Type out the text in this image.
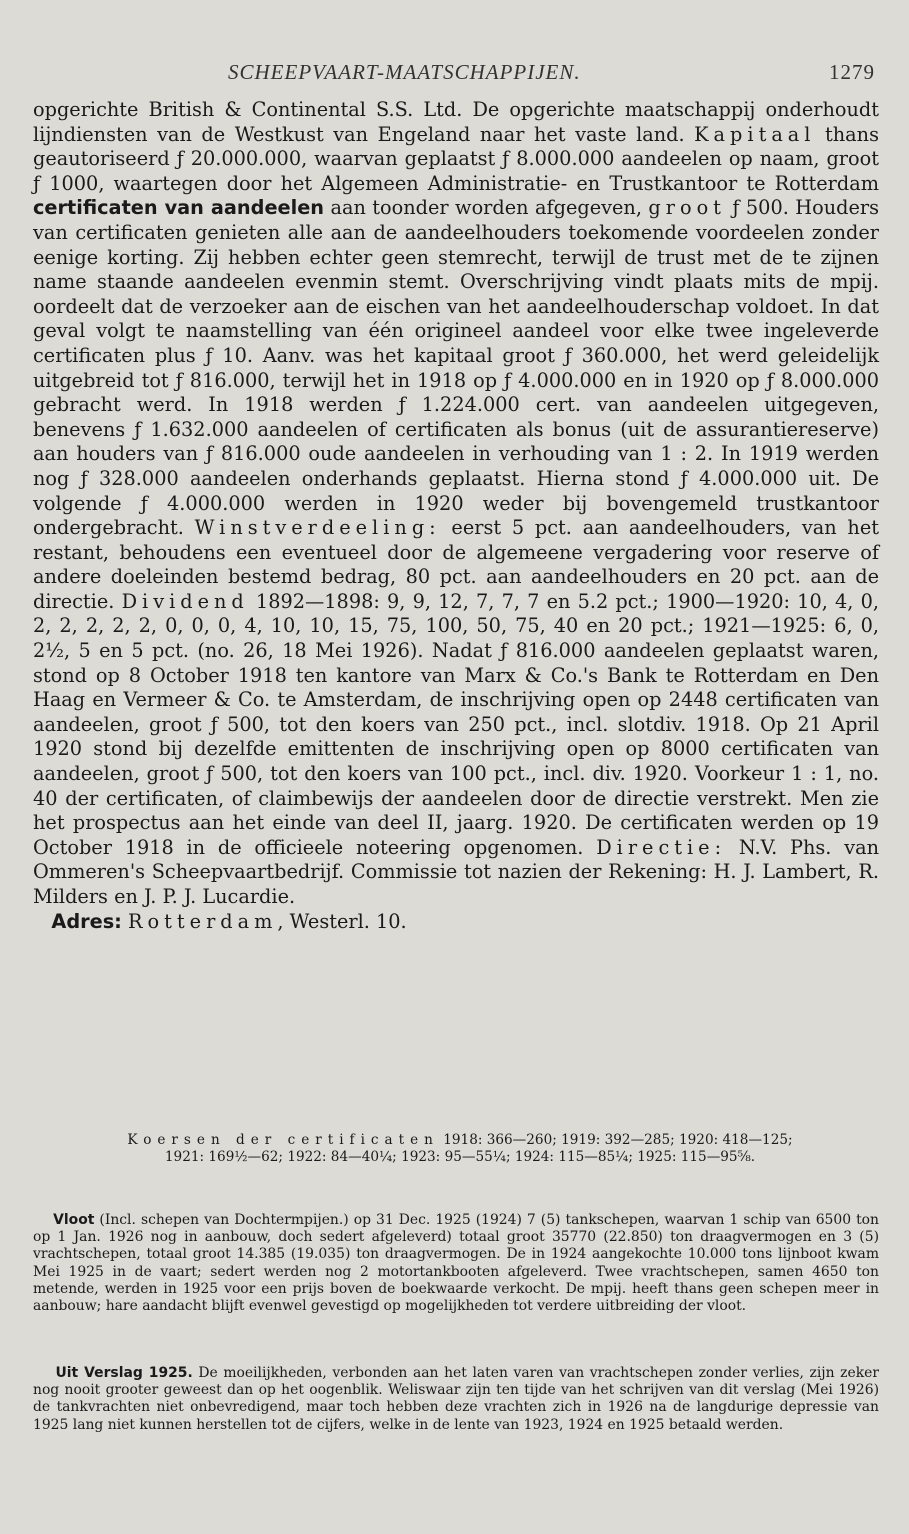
SCHEEPVAART-MAATSCHAPPIJEN.	1279

opgerichte British & Continental S.S. Ltd. De opgerichte maatschappij onderhoudt lijndiensten van de Westkust van Engeland naar het vaste land. Kapitaal thans geautoriseerd ƒ 20.000.000, waarvan geplaatst ƒ 8.000.000 aandeelen op naam, groot ƒ 1000, waartegen door het Algemeen Administratie- en Trustkantoor te Rotterdam certificaten van aandeelen aan toonder worden afgegeven, groot ƒ 500. Houders van certificaten genieten alle aan de aandeelhouders toekomende voordeelen zonder eenige korting. Zij hebben echter geen stemrecht, terwijl de trust met de te zijnen name staande aandeelen evenmin stemt. Overschrijving vindt plaats mits de mpij. oordeelt dat de verzoeker aan de eischen van het aandeelhouderschap voldoet. In dat geval volgt te naamstelling van één origineel aandeel voor elke twee ingeleverde certificaten plus ƒ 10. Aanv. was het kapitaal groot ƒ 360.000, het werd geleidelijk uitgebreid tot ƒ 816.000, terwijl het in 1918 op ƒ 4.000.000 en in 1920 op ƒ 8.000.000 gebracht werd. In 1918 werden ƒ 1.224.000 cert. van aandeelen uitgegeven, benevens ƒ 1.632.000 aandeelen of certificaten als bonus (uit de assurantiereserve) aan houders van ƒ 816.000 oude aandeelen in verhouding van 1 : 2. In 1919 werden nog ƒ 328.000 aandeelen onderhands geplaatst. Hierna stond ƒ 4.000.000 uit. De volgende ƒ 4.000.000 werden in 1920 weder bij bovengemeld trustkantoor ondergebracht. Winstverdeeling: eerst 5 pct. aan aandeelhouders, van het restant, behoudens een eventueel door de algemeene vergadering voor reserve of andere doeleinden bestemd bedrag, 80 pct. aan aandeelhouders en 20 pct. aan de directie. Dividend 1892—1898: 9, 9, 12, 7, 7, 7 en 5.2 pct.; 1900—1920: 10, 4, 0, 2, 2, 2, 2, 2, 0, 0, 0, 4, 10, 10, 15, 75, 100, 50, 75, 40 en 20 pct.; 1921—1925: 6, 0, 2½, 5 en 5 pct. (no. 26, 18 Mei 1926). Nadat ƒ 816.000 aandeelen geplaatst waren, stond op 8 October 1918 ten kantore van Marx & Co.'s Bank te Rotterdam en Den Haag en Vermeer & Co. te Amsterdam, de inschrijving open op 2448 certificaten van aandeelen, groot ƒ 500, tot den koers van 250 pct., incl. slotdiv. 1918. Op 21 April 1920 stond bij dezelfde emittenten de inschrijving open op 8000 certificaten van aandeelen, groot ƒ 500, tot den koers van 100 pct., incl. div. 1920. Voorkeur 1 : 1, no. 40 der certificaten, of claimbewijs der aandeelen door de directie verstrekt. Men zie het prospectus aan het einde van deel II, jaarg. 1920. De certificaten werden op 19 October 1918 in de officieele noteering opgenomen. Directie: N.V. Phs. van Ommeren's Scheepvaartbedrijf. Commissie tot nazien der Rekening: H. J. Lambert, R. Milders en J. P. J. Lucardie.

Adres: Rotterdam, Westerl. 10.

Koersen der certificaten 1918: 366—260; 1919: 392—285; 1920: 418—125;
1921: 169½—62; 1922: 84—40¼; 1923: 95—55¼; 1924: 115—85¼; 1925: 115—95⅝.

Vloot (Incl. schepen van Dochtermpijen.) op 31 Dec. 1925 (1924) 7 (5) tankschepen, waarvan 1 schip van 6500 ton op 1 Jan. 1926 nog in aanbouw, doch sedert afgeleverd) totaal groot 35770 (22.850) ton draagvermogen en 3 (5) vrachtschepen, totaal groot 14.385 (19.035) ton draagvermogen. De in 1924 aangekochte 10.000 tons lijnboot kwam Mei 1925 in de vaart; sedert werden nog 2 motortankbooten afgeleverd. Twee vrachtschepen, samen 4650 ton metende, werden in 1925 voor een prijs boven de boekwaarde verkocht. De mpij. heeft thans geen schepen meer in aanbouw; hare aandacht blijft evenwel gevestigd op mogelijkheden tot verdere uitbreiding der vloot.

Uit Verslag 1925. De moeilijkheden, verbonden aan het laten varen van vrachtschepen zonder verlies, zijn zeker nog nooit grooter geweest dan op het oogenblik. Weliswaar zijn ten tijde van het schrijven van dit verslag (Mei 1926) de tankvrachten niet onbevredigend, maar toch hebben deze vrachten zich in 1926 na de langdurige depressie van 1925 lang niet kunnen herstellen tot de cijfers, welke in de lente van 1923, 1924 en 1925 betaald werden.
